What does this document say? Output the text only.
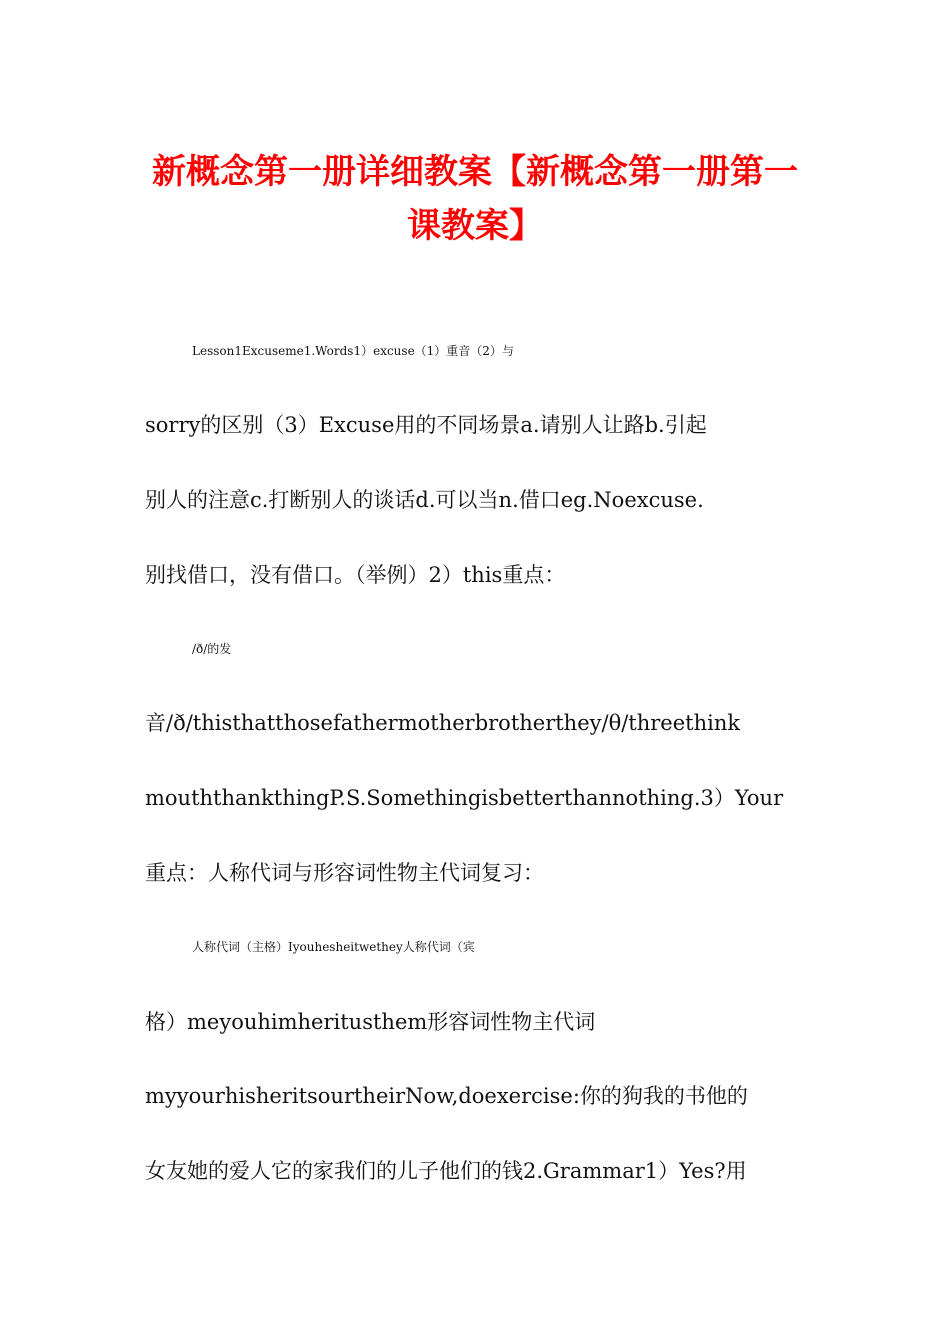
新概念第一册详细教案【新概念第一册第一
课教案】
Lesson1Excuseme1.Words1）excuse（1）重音（2）与
sorry的区别（3）Excuse用的不同场景a.请别人让路b.引起
别人的注意c.打断别人的谈话d.可以当n.借口eg.Noexcuse.
别找借口，没有借口。（举例）2）this重点：
/ð/的发
音/ð/thisthatthosefathermotherbrotherthey/θ/threethink
mouththankthingP.S.Somethingisbetterthannothing.3）Your
重点：人称代词与形容词性物主代词复习：
人称代词（主格）Iyouhesheitwethey人称代词（宾
格）meyouhimheritusthem形容词性物主代词
myyourhisheritsourtheirNow,doexercise:你的狗我的书他的
女友她的爱人它的家我们的儿子他们的钱2.Grammar1）Yes?用
